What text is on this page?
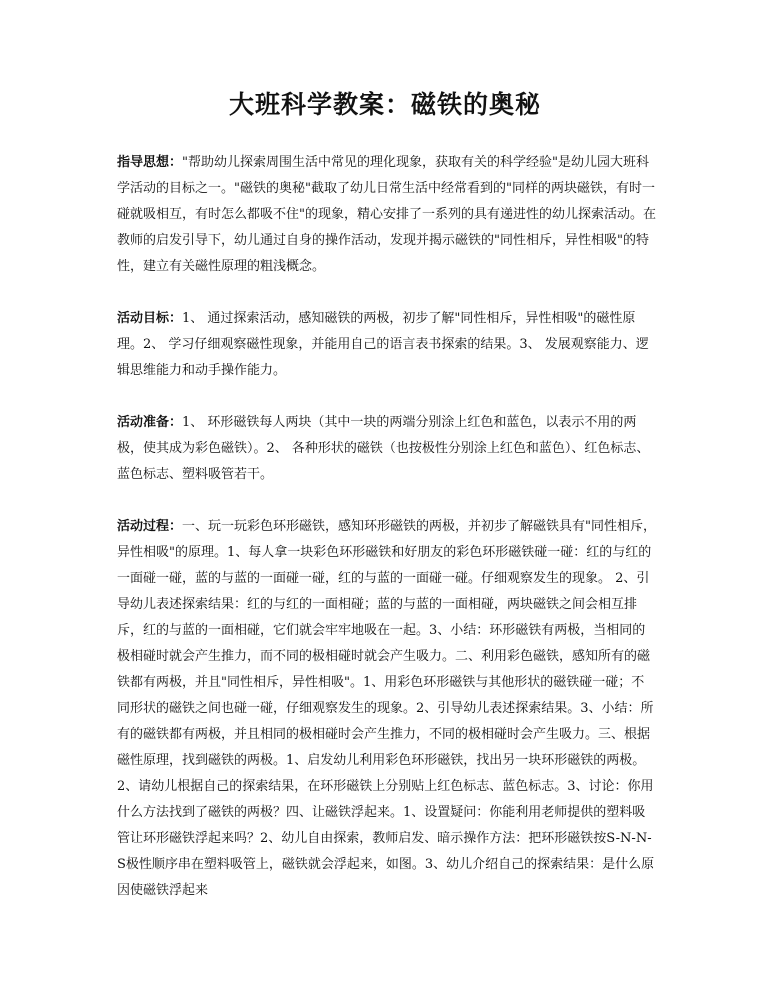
大班科学教案：磁铁的奥秘

指导思想："帮助幼儿探索周围生活中常见的理化现象，获取有关的科学经验"是幼儿园大班科学活动的目标之一。"磁铁的奥秘"截取了幼儿日常生活中经常看到的"同样的两块磁铁，有时一碰就吸相互，有时怎么都吸不住"的现象，精心安排了一系列的具有递进性的幼儿探索活动。在教师的启发引导下，幼儿通过自身的操作活动，发现并揭示磁铁的"同性相斥，异性相吸"的特性，建立有关磁性原理的粗浅概念。

活动目标：1、 通过探索活动，感知磁铁的两极，初步了解"同性相斥，异性相吸"的磁性原理。2、 学习仔细观察磁性现象，并能用自己的语言表书探索的结果。3、 发展观察能力、逻辑思维能力和动手操作能力。

活动准备：1、 环形磁铁每人两块（其中一块的两端分别涂上红色和蓝色，以表示不用的两极，使其成为彩色磁铁）。2、 各种形状的磁铁（也按极性分别涂上红色和蓝色）、红色标志、蓝色标志、塑料吸管若干。

活动过程：一、玩一玩彩色环形磁铁，感知环形磁铁的两极，并初步了解磁铁具有"同性相斥，异性相吸"的原理。1、每人拿一块彩色环形磁铁和好朋友的彩色环形磁铁碰一碰：红的与红的一面碰一碰，蓝的与蓝的一面碰一碰，红的与蓝的一面碰一碰。仔细观察发生的现象。 2、引导幼儿表述探索结果：红的与红的一面相碰；蓝的与蓝的一面相碰，两块磁铁之间会相互排斥，红的与蓝的一面相碰，它们就会牢牢地吸在一起。3、小结：环形磁铁有两极，当相同的极相碰时就会产生推力，而不同的极相碰时就会产生吸力。二、利用彩色磁铁，感知所有的磁铁都有两极，并且"同性相斥，异性相吸"。1、用彩色环形磁铁与其他形状的磁铁碰一碰；不同形状的磁铁之间也碰一碰，仔细观察发生的现象。2、引导幼儿表述探索结果。3、小结：所有的磁铁都有两极，并且相同的极相碰时会产生推力，不同的极相碰时会产生吸力。三、根据磁性原理，找到磁铁的两极。1、启发幼儿利用彩色环形磁铁，找出另一块环形磁铁的两极。2、请幼儿根据自己的探索结果，在环形磁铁上分别贴上红色标志、蓝色标志。3、讨论：你用什么方法找到了磁铁的两极？四、让磁铁浮起来。1、设置疑问：你能利用老师提供的塑料吸管让环形磁铁浮起来吗？2、幼儿自由探索，教师启发、暗示操作方法：把环形磁铁按S-N-N-S极性顺序串在塑料吸管上，磁铁就会浮起来，如图。3、幼儿介绍自己的探索结果：是什么原因使磁铁浮起来
